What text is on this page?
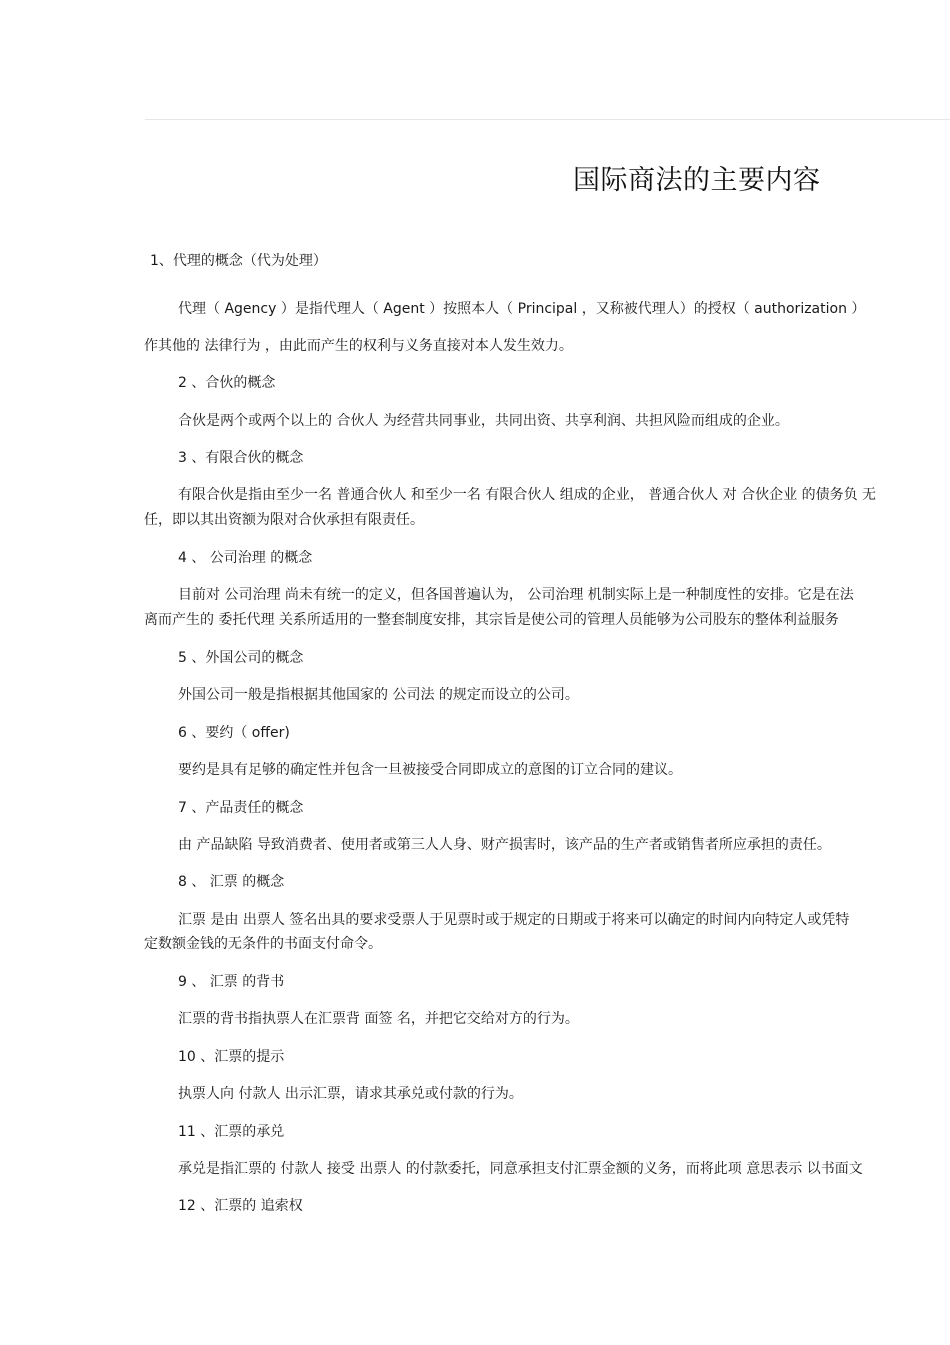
国际商法的主要内容
1、代理的概念（代为处理）
代理（ Agency ）是指代理人（ Agent ）按照本人（ Principal ，又称被代理人）的授权（ authorization ）
作其他的 法律行为 ，由此而产生的权利与义务直接对本人发生效力。
2 、合伙的概念
合伙是两个或两个以上的 合伙人 为经营共同事业，共同出资、共享利润、共担风险而组成的企业。
3 、有限合伙的概念
有限合伙是指由至少一名 普通合伙人 和至少一名 有限合伙人 组成的企业， 普通合伙人 对 合伙企业 的债务负 无
任，即以其出资额为限对合伙承担有限责任。
4 、 公司治理 的概念
目前对 公司治理 尚未有统一的定义，但各国普遍认为， 公司治理 机制实际上是一种制度性的安排。它是在法
离而产生的 委托代理 关系所适用的一整套制度安排，其宗旨是使公司的管理人员能够为公司股东的整体利益服务
5 、外国公司的概念
外国公司一般是指根据其他国家的 公司法 的规定而设立的公司。
6 、要约（ offer)
要约是具有足够的确定性并包含一旦被接受合同即成立的意图的订立合同的建议。
7 、产品责任的概念
由 产品缺陷 导致消费者、使用者或第三人人身、财产损害时，该产品的生产者或销售者所应承担的责任。
8 、 汇票 的概念
汇票 是由 出票人 签名出具的要求受票人于见票时或于规定的日期或于将来可以确定的时间内向特定人或凭特
定数额金钱的无条件的书面支付命令。
9 、 汇票 的背书
汇票的背书指执票人在汇票背 面签 名，并把它交给对方的行为。
10 、汇票的提示
执票人向 付款人 出示汇票，请求其承兑或付款的行为。
11 、汇票的承兑
承兑是指汇票的 付款人 接受 出票人 的付款委托，同意承担支付汇票金额的义务，而将此项 意思表示 以书面文
12 、汇票的 追索权
